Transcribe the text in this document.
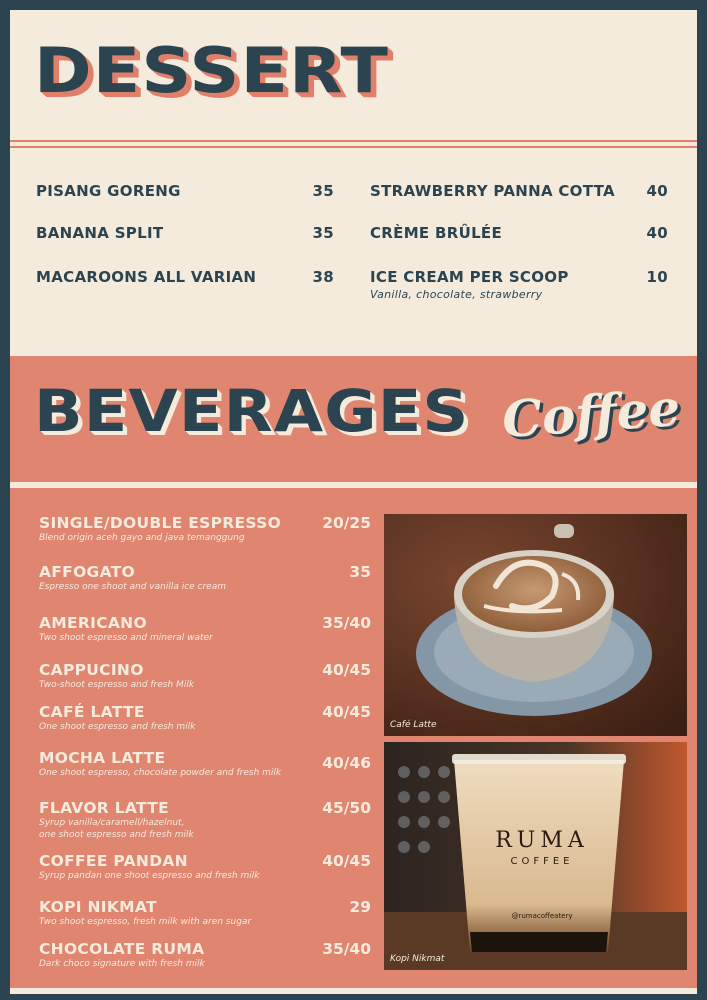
DESSERT
PISANG GORENG	35
BANANA SPLIT	35
MACAROONS ALL VARIAN	38
STRAWBERRY PANNA COTTA 40
CRÈME BRÛLÉE	40
ICE CREAM PER SCOOP	10
Vanilla, chocolate, strawberry
BEVERAGES Coffee
SINGLE/DOUBLE ESPRESSO	20/25
Blend origin aceh gayo and java temanggung
AFFOGATO	35
Espresso one shoot and vanilla ice cream
AMERICANO	35/40
Two shoot espresso and mineral water
CAPPUCINO	40/45
Two-shoot espresso and fresh Milk
CAFÉ LATTE	40/45
One shoot espresso and fresh milk
MOCHA LATTE	40/46
One shoot espresso, chocolate powder and fresh milk
FLAVOR LATTE	45/50
Syrup vanilla/caramell/hazelnut,
one shoot espresso and fresh milk
COFFEE PANDAN	40/45
Syrup pandan one shoot espresso and fresh milk
KOPI NIKMAT	29
Two shoot espresso, fresh milk with aren sugar
CHOCOLATE RUMA	35/40
Dark choco signature with fresh milk
Café Latte
RUMA
COFFEE
@rumacoffeatery
Kopi Nikmat
